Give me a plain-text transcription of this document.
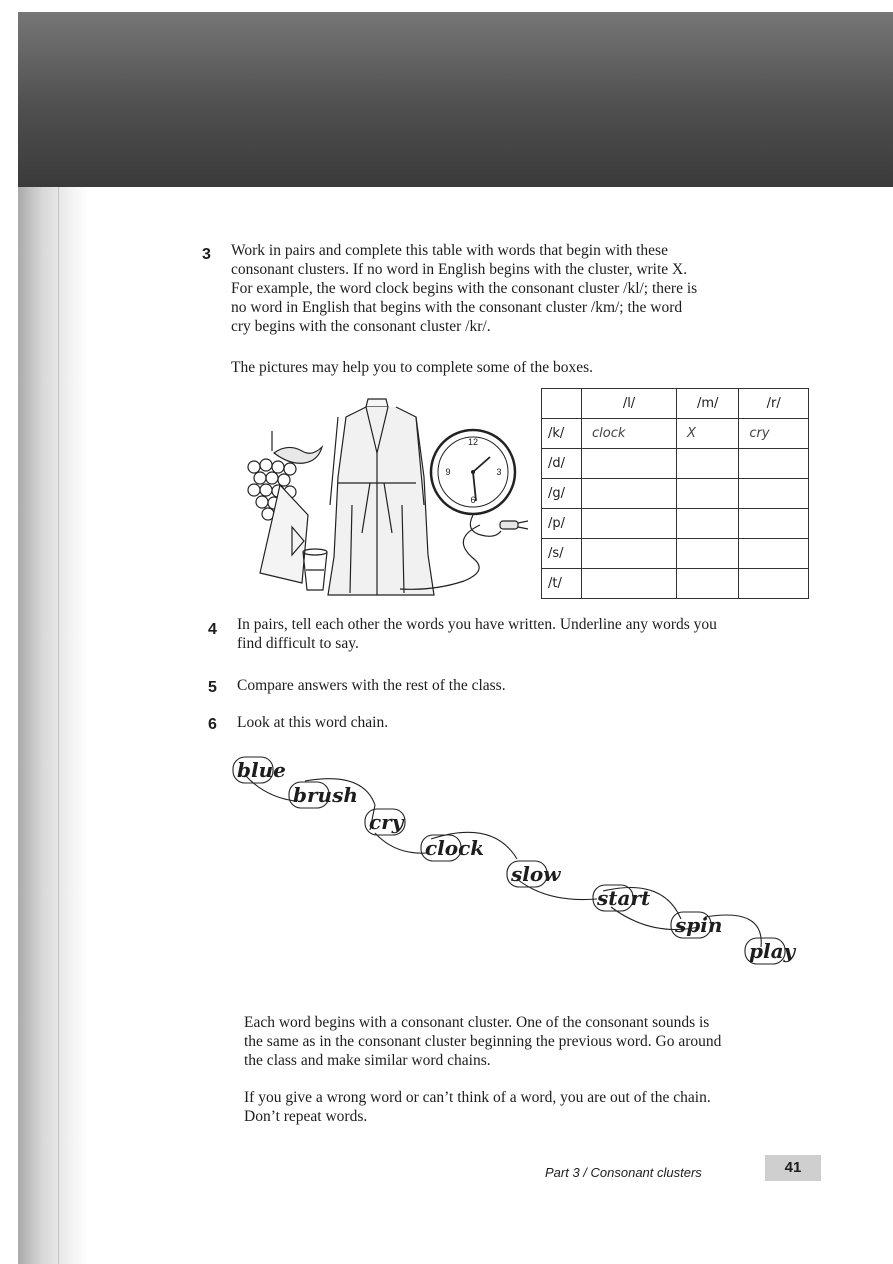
3 Work in pairs and complete this table with words that begin with these
consonant clusters. If no word in English begins with the cluster, write X.
For example, the word clock begins with the consonant cluster /kl/; there is
no word in English that begins with the consonant cluster /km/; the word
cry begins with the consonant cluster /kr/.
The pictures may help you to complete some of the boxes.
12
3
6
9
	/l/	/m/	/r/
/k/	clock	X	cry
/d/			
/g/			
/p/			
/s/			
/t/			
4 In pairs, tell each other the words you have written. Underline any words you
find difficult to say.
5 Compare answers with the rest of the class.
6 Look at this word chain.
blue
brush
cry
clock
slow
start
spin
play
Each word begins with a consonant cluster. One of the consonant sounds is
the same as in the consonant cluster beginning the previous word. Go around
the class and make similar word chains.
If you give a wrong word or can’t think of a word, you are out of the chain.
Don’t repeat words.
Part 3 / Consonant clusters	41
